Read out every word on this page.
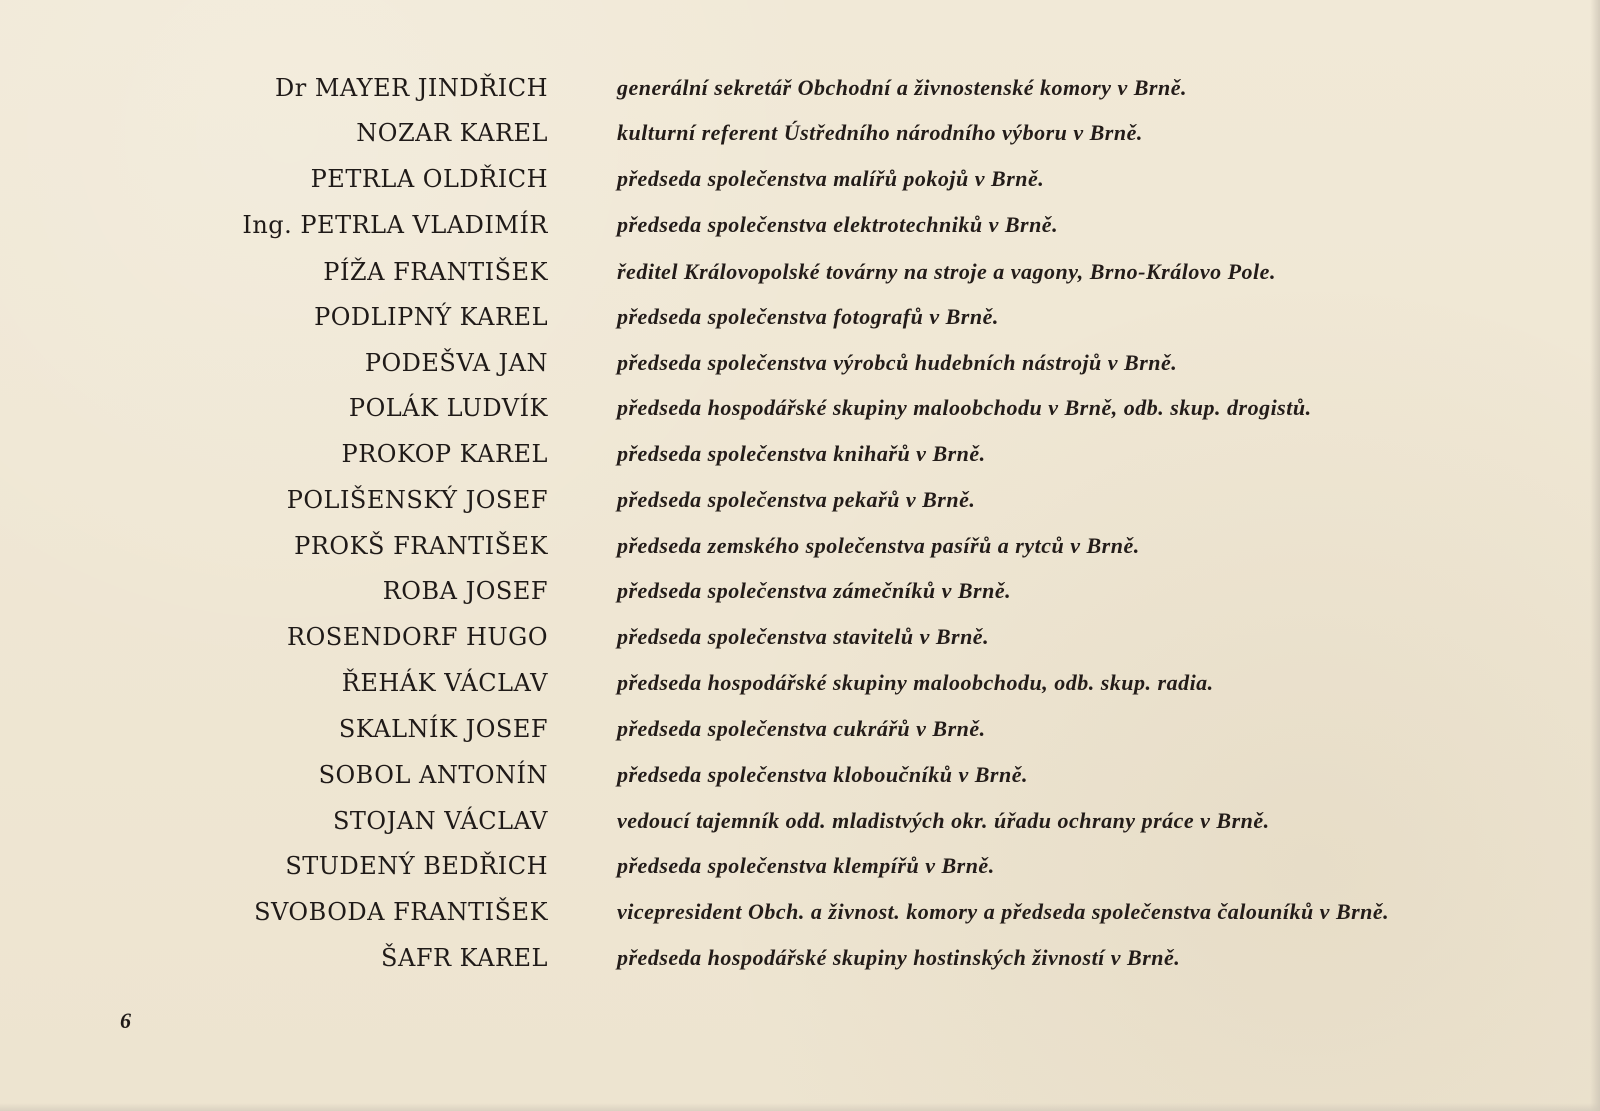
Dr MAYER JINDŘICH	generální sekretář Obchodní a živnostenské komory v Brně.
NOZAR KAREL	kulturní referent Ústředního národního výboru v Brně.
PETRLA OLDŘICH	předseda společenstva malířů pokojů v Brně.
Ing. PETRLA VLADIMÍR	předseda společenstva elektrotechniků v Brně.
PÍŽA FRANTIŠEK	ředitel Královopolské továrny na stroje a vagony, Brno-Královo Pole.
PODLIPNÝ KAREL	předseda společenstva fotografů v Brně.
PODEŠVA JAN	předseda společenstva výrobců hudebních nástrojů v Brně.
POLÁK LUDVÍK	předseda hospodářské skupiny maloobchodu v Brně, odb. skup. drogistů.
PROKOP KAREL	předseda společenstva knihařů v Brně.
POLIŠENSKÝ JOSEF	předseda společenstva pekařů v Brně.
PROKŠ FRANTIŠEK	předseda zemského společenstva pasířů a rytců v Brně.
ROBA JOSEF	předseda společenstva zámečníků v Brně.
ROSENDORF HUGO	předseda společenstva stavitelů v Brně.
ŘEHÁK VÁCLAV	předseda hospodářské skupiny maloobchodu, odb. skup. radia.
SKALNÍK JOSEF	předseda společenstva cukrářů v Brně.
SOBOL ANTONÍN	předseda společenstva kloboučníků v Brně.
STOJAN VÁCLAV	vedoucí tajemník odd. mladistvých okr. úřadu ochrany práce v Brně.
STUDENÝ BEDŘICH	předseda společenstva klempířů v Brně.
SVOBODA FRANTIŠEK	vicepresident Obch. a živnost. komory a předseda společenstva čalouníků v Brně.
ŠAFR KAREL	předseda hospodářské skupiny hostinských živností v Brně.
6
